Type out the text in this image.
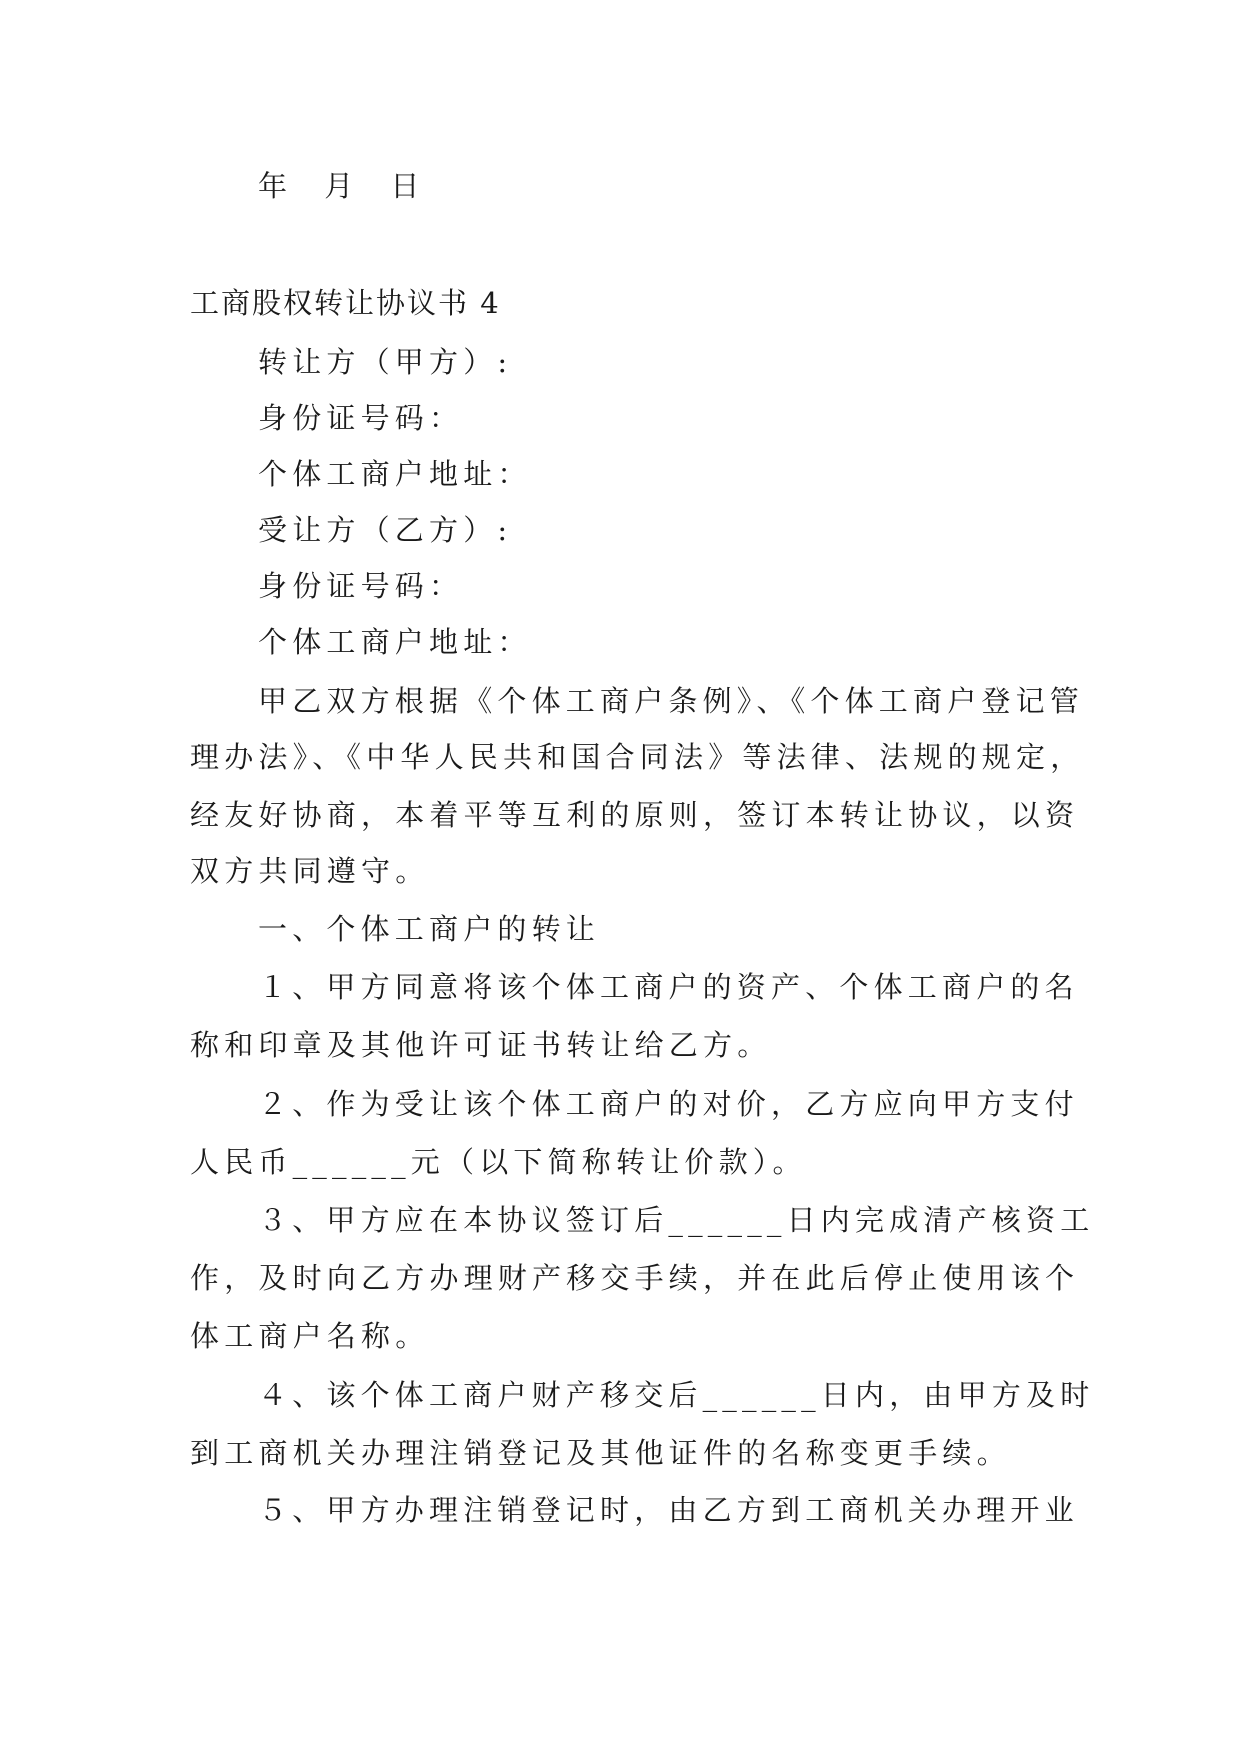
年 月 日
工商股权转让协议书 4
转让方（甲方）:
身份证号码：
个体工商户地址：
受让方（乙方）:
身份证号码：
个体工商户地址：
甲乙双方根据《个体工商户条例》、《个体工商户登记管
理办法》、《中华人民共和国合同法》等法律、法规的规定，
经友好协商，本着平等互利的原则，签订本转让协议，以资
双方共同遵守。
一、个体工商户的转让
１、甲方同意将该个体工商户的资产、个体工商户的名
称和印章及其他许可证书转让给乙方。
２、作为受让该个体工商户的对价，乙方应向甲方支付
人民币______元（以下简称转让价款）。
３、甲方应在本协议签订后______日内完成清产核资工
作，及时向乙方办理财产移交手续，并在此后停止使用该个
体工商户名称。
４、该个体工商户财产移交后______日内，由甲方及时
到工商机关办理注销登记及其他证件的名称变更手续。
５、甲方办理注销登记时，由乙方到工商机关办理开业
